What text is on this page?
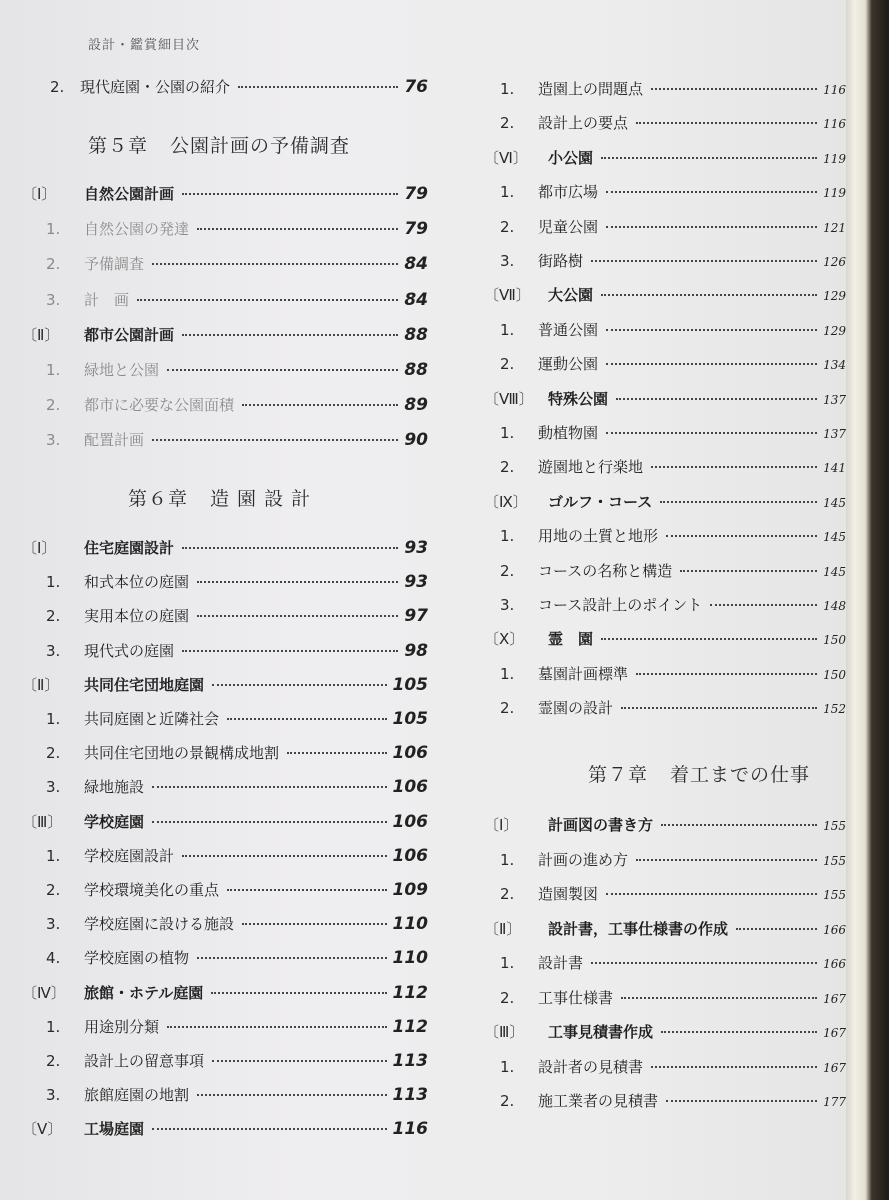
設計・鑑賞細目次
2.	現代庭園・公園の紹介	76
第５章 公園計画の予備調査
〔Ⅰ〕	自然公園計画	79
1.	自然公園の発達	79
2.	予備調査	84
3.	計　画	84
〔Ⅱ〕	都市公園計画	88
1.	緑地と公園	88
2.	都市に必要な公園面積	89
3.	配置計画	90
第６章 造 園 設 計
〔Ⅰ〕	住宅庭園設計	93
1.	和式本位の庭園	93
2.	実用本位の庭園	97
3.	現代式の庭園	98
〔Ⅱ〕	共同住宅団地庭園	105
1.	共同庭園と近隣社会	105
2.	共同住宅団地の景観構成地割	106
3.	緑地施設	106
〔Ⅲ〕	学校庭園	106
1.	学校庭園設計	106
2.	学校環境美化の重点	109
3.	学校庭園に設ける施設	110
4.	学校庭園の植物	110
〔Ⅳ〕	旅館・ホテル庭園	112
1.	用途別分類	112
2.	設計上の留意事項	113
3.	旅館庭園の地割	113
〔Ⅴ〕	工場庭園	116
1.	造園上の問題点	116
2.	設計上の要点	116
〔Ⅵ〕	小公園	119
1.	都市広場	119
2.	児童公園	121
3.	街路樹	126
〔Ⅶ〕	大公園	129
1.	普通公園	129
2.	運動公園	134
〔Ⅷ〕 特殊公園	137
1.	動植物園	137
2.	遊園地と行楽地	141
〔Ⅸ〕	ゴルフ・コース	145
1.	用地の土質と地形	145
2.	コースの名称と構造	145
3.	コース設計上のポイント	148
〔Ⅹ〕	霊　園	150
1.	墓園計画標準	150
2.	霊園の設計	152
第７章 着工までの仕事
〔Ⅰ〕	計画図の書き方	155
1.	計画の進め方	155
2.	造園製図	155
〔Ⅱ〕	設計書，工事仕様書の作成	166
1.	設計書	166
2.	工事仕様書	167
〔Ⅲ〕	工事見積書作成	167
1.	設計者の見積書	167
2.	施工業者の見積書	177
